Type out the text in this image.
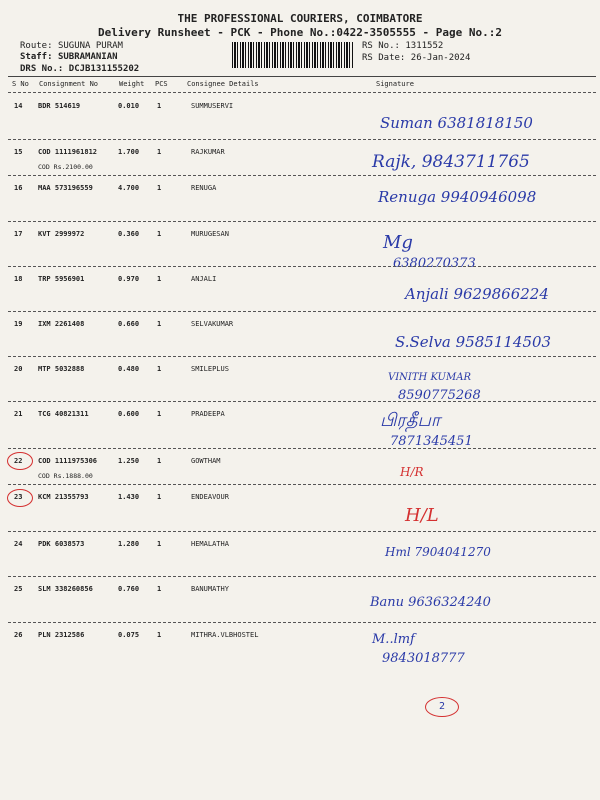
THE PROFESSIONAL COURIERS, COIMBATORE
Delivery Runsheet - PCK - Phone No.:0422-3505555 - Page No.:2
Route: SUGUNA PURAM
Staff: SUBRAMANIAN
DRS No.: DCJB131155202
RS No.: 1311552
RS Date: 26-Jan-2024
S No Consignment No	Weight PCS	Consignee Details	Signature
14 BDR 514619	0.010	1	SUMMUSERVI
Suman 6381818150
15 COD 1111961812	1.700	1	RAJKUMAR
COD Rs.2100.00	Rajk, 9843711765
16 MAA 573196559	4.700	1	RENUGA	Renuga 9940946098
17 KVT 2999972	0.360	1	MURUGESAN	Mg
6380270373
18 TRP 5956901	0.970	1	ANJALI
Anjali 9629866224
19 IXM 2261408	0.660	1	SELVAKUMAR
S.Selva 9585114503
20 MTP 5032888	0.480	1	SMILEPLUS
VINITH KUMAR
8590775268
21 TCG 40821311	0.600	1	PRADEEPA	பிரதீபா
7871345451
22 COD 1111975306	1.250	1	GOWTHAM
COD Rs.1888.00	H/R
23 KCM 21355793	1.430	1	ENDEAVOUR
H/L
24 PDK 6038573	1.280	1	HEMALATHA
Hml 7904041270
25 SLM 338260856	0.760	1	BANUMATHY
Banu 9636324240
26 PLN 2312586	0.075	1	MITHRA.VLBHOSTEL	M..lmf
9843018777
2
